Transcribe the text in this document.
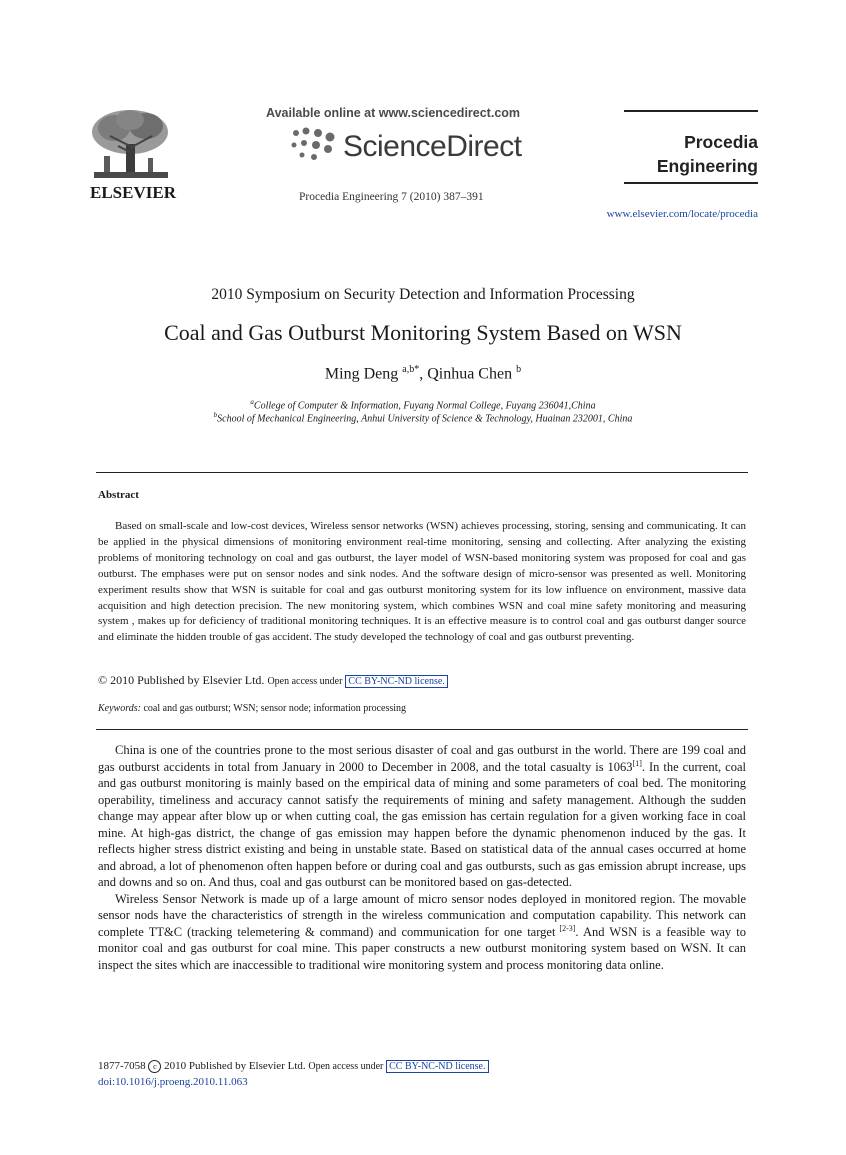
ELSEVIER
Available online at www.sciencedirect.com
ScienceDirect
Procedia Engineering 7 (2010) 387–391
Procedia
Engineering
www.elsevier.com/locate/procedia
2010 Symposium on Security Detection and Information Processing
Coal and Gas Outburst Monitoring System Based on WSN
Ming Deng $^{a,b*}$, Qinhua Chen $^b$
$^a$College of Computer & Information, Fuyang Normal College, Fuyang 236041,China
$^b$School of Mechanical Engineering, Anhui University of Science & Technology, Huainan 232001, China
Abstract
Based on small-scale and low-cost devices, Wireless sensor networks (WSN) achieves processing, storing, sensing and communicating. It can be applied in the physical dimensions of monitoring environment real-time monitoring, sensing and collecting. After analyzing the existing problems of monitoring technology on coal and gas outburst, the layer model of WSN-based monitoring system was proposed for coal and gas outburst. The emphases were put on sensor nodes and sink nodes. And the software design of micro-sensor was presented as well. Monitoring experiment results show that WSN is suitable for coal and gas outburst monitoring system for its low influence on environment, massive data acquisition and high detection precision. The new monitoring system, which combines WSN and coal mine safety monitoring and measuring system , makes up for deficiency of traditional monitoring techniques. It is an effective measure is to control coal and gas outburst danger source and eliminate the hidden trouble of gas accident. The study developed the technology of coal and gas outburst preventing.
© 2010 Published by Elsevier Ltd. Open access under CC BY-NC-ND license.
Keywords: coal and gas outburst; WSN; sensor node; information processing

China is one of the countries prone to the most serious disaster of coal and gas outburst in the world. There are 199 coal and gas outburst accidents in total from January in 2000 to December in 2008, and the total casualty is 1063[1]. In the current, coal and gas outburst monitoring is mainly based on the empirical data of mining and some parameters of coal bed. The monitoring operability, timeliness and accuracy cannot satisfy the requirements of mining and safety management. Although the sudden change may appear after blow up or when cutting coal, the gas emission has certain regulation for a given working face in coal mine. At high-gas district, the change of gas emission may happen before the dynamic phenomenon induced by the gas. It reflects higher stress district existing and being in unstable state. Based on statistical data of the annual cases occurred at home and abroad, a lot of phenomenon often happen before or during coal and gas outbursts, such as gas emission abrupt increase, ups and downs and so on. And thus, coal and gas outburst can be monitored based on gas-detected.

Wireless Sensor Network is made up of a large amount of micro sensor nodes deployed in monitored region. The movable sensor nods have the characteristics of strength in the wireless communication and computation capability. This network can complete TT&C (tracking telemetering & command) and communication for one target [2-3]. And WSN is a feasible way to monitor coal and gas outburst for coal mine. This paper constructs a new outburst monitoring system based on WSN. It can inspect the sites which are inaccessible to traditional wire monitoring system and process monitoring data online.

1877-7058 c 2010 Published by Elsevier Ltd. Open access under CC BY-NC-ND license.
doi:10.1016/j.proeng.2010.11.063
